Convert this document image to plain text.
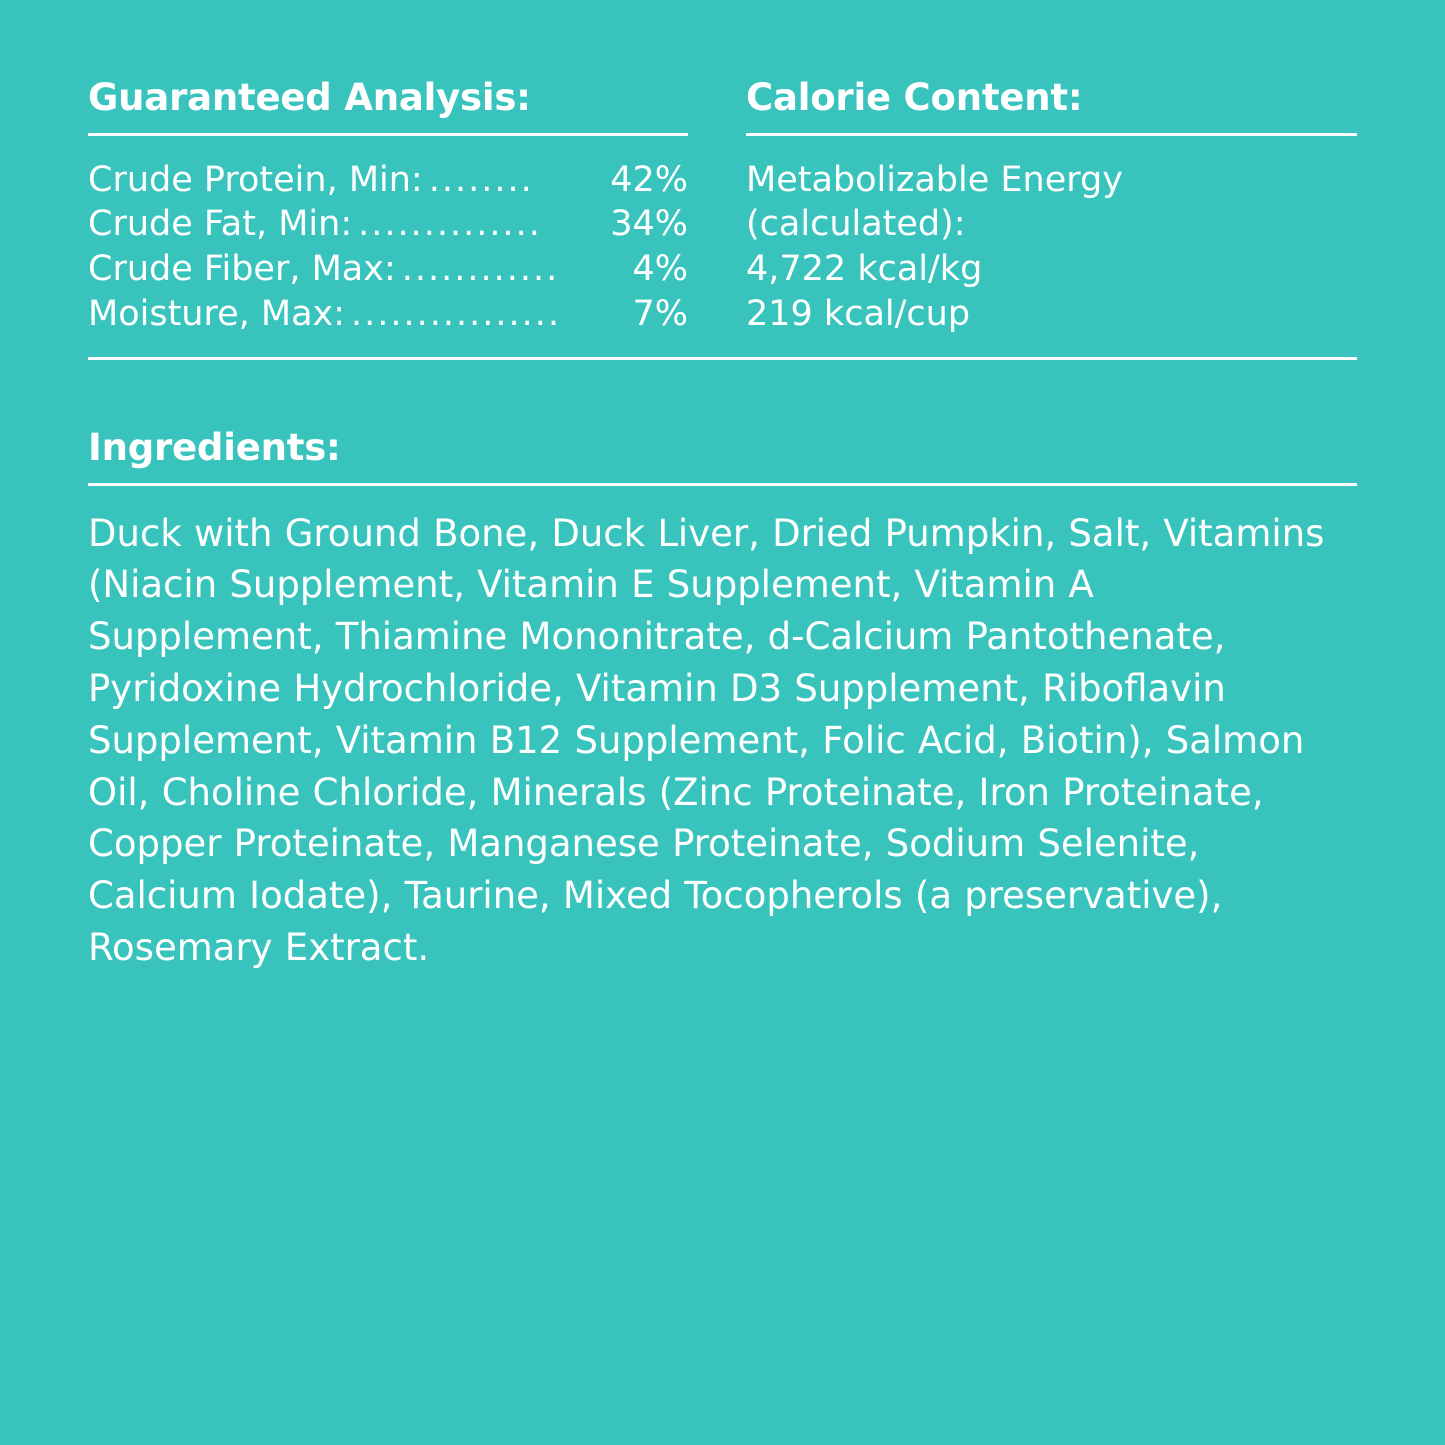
Guaranteed Analysis:
Crude Protein, Min: ........	42%
Crude Fat, Min: ..............	34%
Crude Fiber, Max: ............	4%
Moisture, Max: ................	7%
Calorie Content:
Metabolizable Energy
(calculated):
4,722 kcal/kg
219 kcal/cup
Ingredients:

Duck with Ground Bone, Duck Liver, Dried Pumpkin, Salt, Vitamins (Niacin Supplement, Vitamin E Supplement, Vitamin A Supplement, Thiamine Mononitrate, d-Calcium Pantothenate, Pyridoxine Hydrochloride, Vitamin D3 Supplement, Riboflavin Supplement, Vitamin B12 Supplement, Folic Acid, Biotin), Salmon Oil, Choline Chloride, Minerals (Zinc Proteinate, Iron Proteinate, Copper Proteinate, Manganese Proteinate, Sodium Selenite, Calcium Iodate), Taurine, Mixed Tocopherols (a preservative), Rosemary Extract.
